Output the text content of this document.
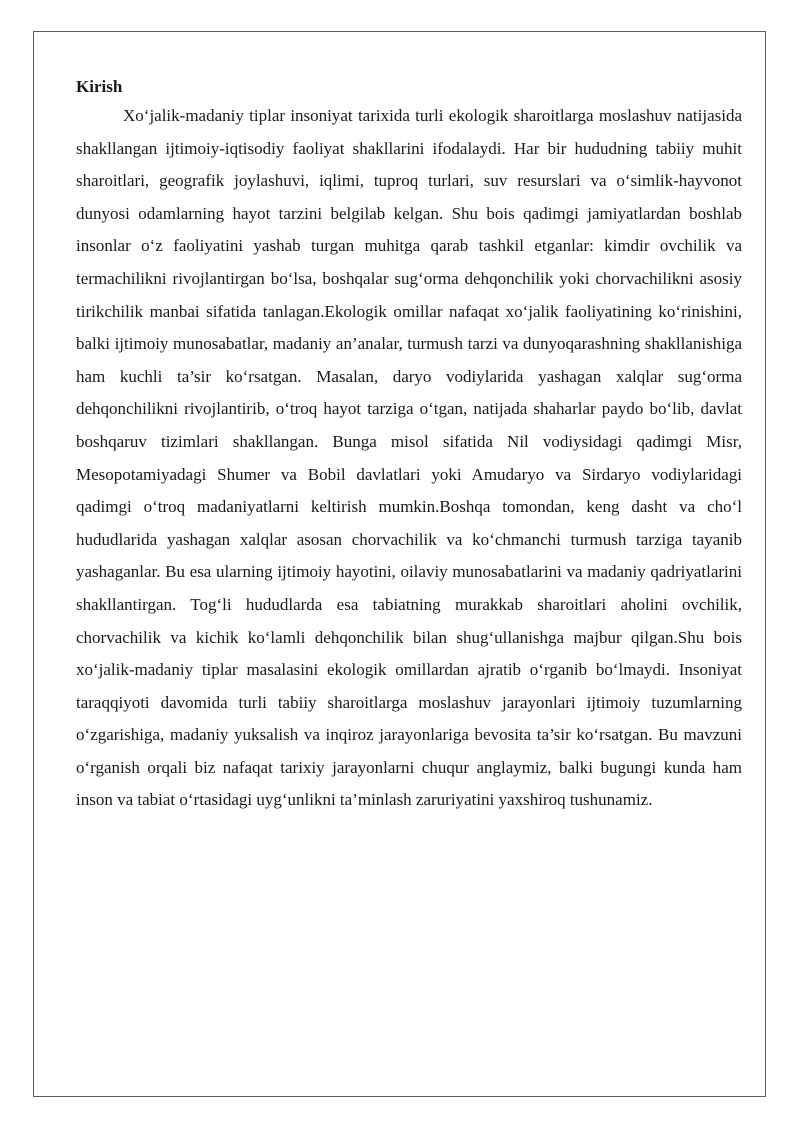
Kirish

Xo‘jalik-madaniy tiplar insoniyat tarixida turli ekologik sharoitlarga moslashuv natijasida shakllangan ijtimoiy-iqtisodiy faoliyat shakllarini ifodalaydi. Har bir hududning tabiiy muhit sharoitlari, geografik joylashuvi, iqlimi, tuproq turlari, suv resurslari va o‘simlik-hayvonot dunyosi odamlarning hayot tarzini belgilab kelgan. Shu bois qadimgi jamiyatlardan boshlab insonlar o‘z faoliyatini yashab turgan muhitga qarab tashkil etganlar: kimdir ovchilik va termachilikni rivojlantirgan bo‘lsa, boshqalar sug‘orma dehqonchilik yoki chorvachilikni asosiy tirikchilik manbai sifatida tanlagan.Ekologik omillar nafaqat xo‘jalik faoliyatining ko‘rinishini, balki ijtimoiy munosabatlar, madaniy an’analar, turmush tarzi va dunyoqarashning shakllanishiga ham kuchli ta’sir ko‘rsatgan. Masalan, daryo vodiylarida yashagan xalqlar sug‘orma dehqonchilikni rivojlantirib, o‘troq hayot tarziga o‘tgan, natijada shaharlar paydo bo‘lib, davlat boshqaruv tizimlari shakllangan. Bunga misol sifatida Nil vodiysidagi qadimgi Misr, Mesopotamiyadagi Shumer va Bobil davlatlari yoki Amudaryo va Sirdaryo vodiylaridagi qadimgi o‘troq madaniyatlarni keltirish mumkin.Boshqa tomondan, keng dasht va cho‘l hududlarida yashagan xalqlar asosan chorvachilik va ko‘chmanchi turmush tarziga tayanib yashaganlar. Bu esa ularning ijtimoiy hayotini, oilaviy munosabatlarini va madaniy qadriyatlarini shakllantirgan. Tog‘li hududlarda esa tabiatning murakkab sharoitlari aholini ovchilik, chorvachilik va kichik ko‘lamli dehqonchilik bilan shug‘ullanishga majbur qilgan.Shu bois xo‘jalik-madaniy tiplar masalasini ekologik omillardan ajratib o‘rganib bo‘lmaydi. Insoniyat taraqqiyoti davomida turli tabiiy sharoitlarga moslashuv jarayonlari ijtimoiy tuzumlarning o‘zgarishiga, madaniy yuksalish va inqiroz jarayonlariga bevosita ta’sir ko‘rsatgan. Bu mavzuni o‘rganish orqali biz nafaqat tarixiy jarayonlarni chuqur anglaymiz, balki bugungi kunda ham inson va tabiat o‘rtasidagi uyg‘unlikni ta’minlash zaruriyatini yaxshiroq tushunamiz.
